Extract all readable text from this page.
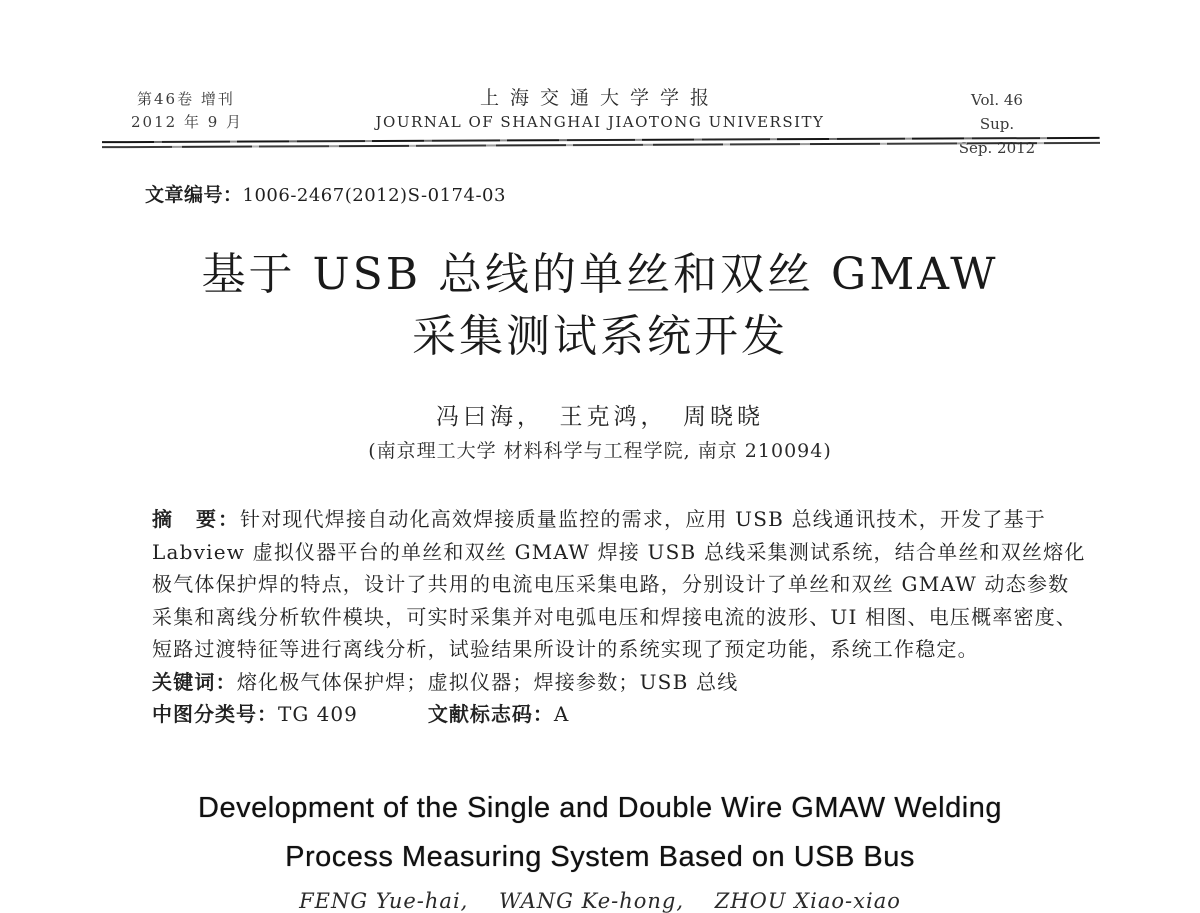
第46卷 增刊
2012 年 9 月
上海交通大学学报
JOURNAL OF SHANGHAI JIAOTONG UNIVERSITY
Vol. 46 Sup.
Sep. 2012
文章编号：1006-2467(2012)S-0174-03
基于 USB 总线的单丝和双丝 GMAW
采集测试系统开发
冯曰海，　王克鸿，　周晓晓
(南京理工大学 材料科学与工程学院, 南京 210094)
摘　要：针对现代焊接自动化高效焊接质量监控的需求，应用 USB 总线通讯技术，开发了基于
Labview 虚拟仪器平台的单丝和双丝 GMAW 焊接 USB 总线采集测试系统，结合单丝和双丝熔化
极气体保护焊的特点，设计了共用的电流电压采集电路，分别设计了单丝和双丝 GMAW 动态参数
采集和离线分析软件模块，可实时采集并对电弧电压和焊接电流的波形、UI 相图、电压概率密度、
短路过渡特征等进行离线分析，试验结果所设计的系统实现了预定功能，系统工作稳定。
关键词：熔化极气体保护焊；虚拟仪器；焊接参数；USB 总线
中图分类号：TG 409	文献标志码：A
Development of the Single and Double Wire GMAW Welding
Process Measuring System Based on USB Bus
FENG Yue-hai,    WANG Ke-hong,    ZHOU Xiao-xiao
